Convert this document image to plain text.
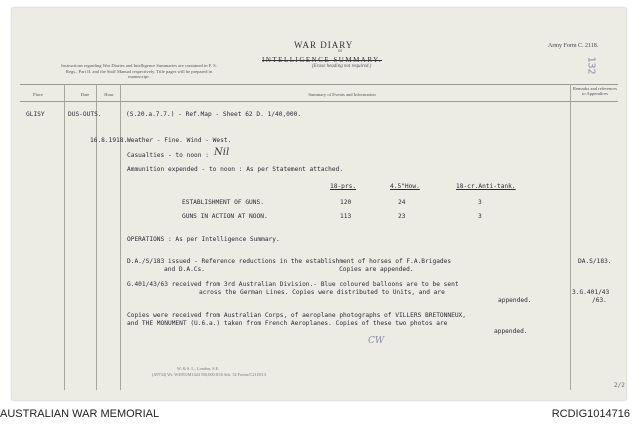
WAR DIARY
or
INTELLIGENCE SUMMARY.
(Erase heading not required.)
Army Form C. 2118.
Instructions regarding War Diaries and Intelligence Summaries are contained in F. S. Regs., Part II. and the Staff Manual respectively. Title pages will be prepared in manuscript.
132
Place	Date	Hour	Summary of Events and Information
Remarks and references to Appendices
GLISY	DUS-OUTS.	(S.20.a.7.7.) - Ref.Map - Sheet 62 D. 1/40,000.
16.8.1918. Weather - Fine. Wind - West.
Casualties - to noon : Nil
Ammunition expended - to noon : As per Statement attached.
18-prs.	4.5"How.	18-cr.Anti-tank.
ESTABLISHMENT OF GUNS.	120	24	3
GUNS IN ACTION AT NOON.	113	23	3
OPERATIONS : As per Intelligence Summary.
D.A./S/183 issued - Reference reductions in the establishment of horses of F.A.Brigades
and D.A.Cs.                                    Copies are appended.
DA.S/183.
G.401/43/63 received from 3rd Australian Division.- Blue coloured balloons are to be sent
across the German Lines. Copies were distributed to Units, and are
appended.
3.G.401/43
/63.
Copies were received from Australian Corps, of aeroplane photographs of VILLERS BRETONNEUX,
and THE MONUMENT (U.6.a.) taken from French Aeroplanes. Copies of these two photos are
appended.
CW
W. & S. L., London, S.E.
(A9734) Wt. W4955/M1424 550,000 8/16 Sch. 52 Forms/C2118/13.
2/2
AUSTRALIAN WAR MEMORIAL	RCDIG1014716
